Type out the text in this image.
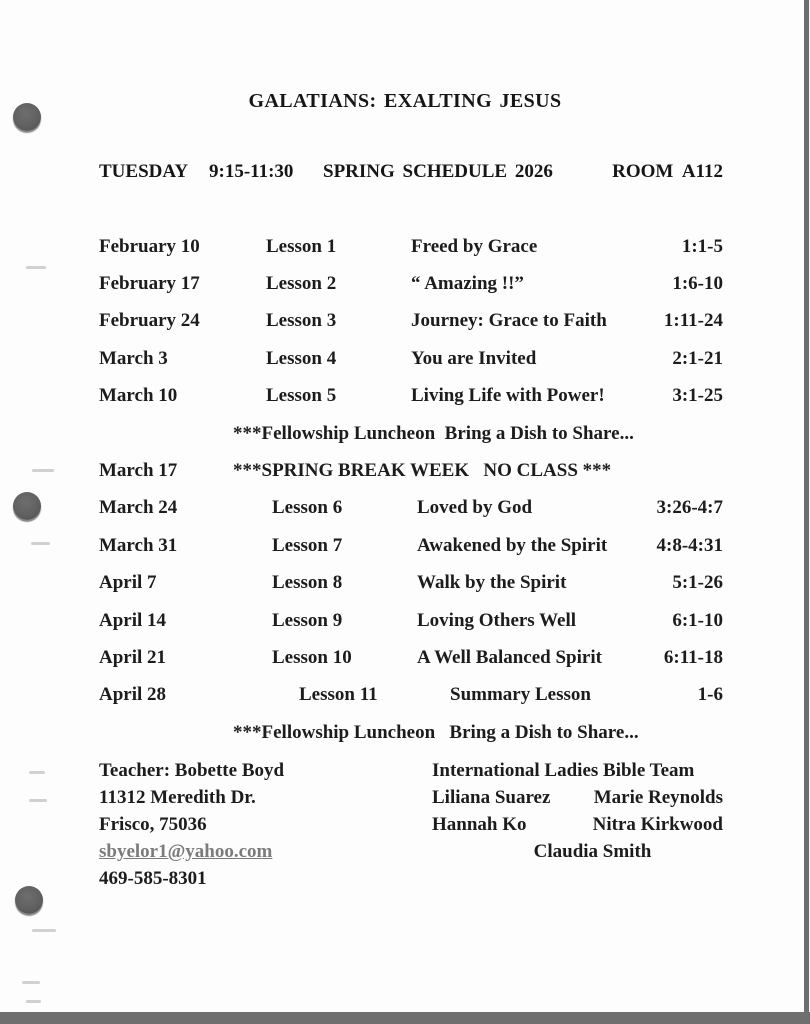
GALATIANS: EXALTING JESUS
TUESDAY	9:15-11:30	SPRING SCHEDULE 2026	ROOM  A112
February 10	Lesson 1	Freed by Grace	1:1-5
February 17	Lesson 2	“ Amazing !!”	1:6-10
February 24	Lesson 3	Journey: Grace to Faith	1:11-24
March 3	Lesson 4	You are Invited	2:1-21
March 10	Lesson 5	Living Life with Power!	3:1-25
***Fellowship Luncheon  Bring a Dish to Share...
March 17	***SPRING BREAK WEEK   NO CLASS ***
March 24	Lesson 6	Loved by God	3:26-4:7
March 31	Lesson 7	Awakened by the Spirit	4:8-4:31
April 7	Lesson 8	Walk by the Spirit	5:1-26
April 14	Lesson 9	Loving Others Well	6:1-10
April 21	Lesson 10	A Well Balanced Spirit	6:11-18
April 28	Lesson 11	Summary Lesson	1-6
***Fellowship Luncheon   Bring a Dish to Share...
Teacher: Bobette Boyd
11312 Meredith Dr.
Frisco, 75036
sbyelor1@yahoo.com
469-585-8301
International Ladies Bible Team
Liliana Suarez Marie Reynolds
Hannah Ko	Nitra Kirkwood
Claudia Smith
